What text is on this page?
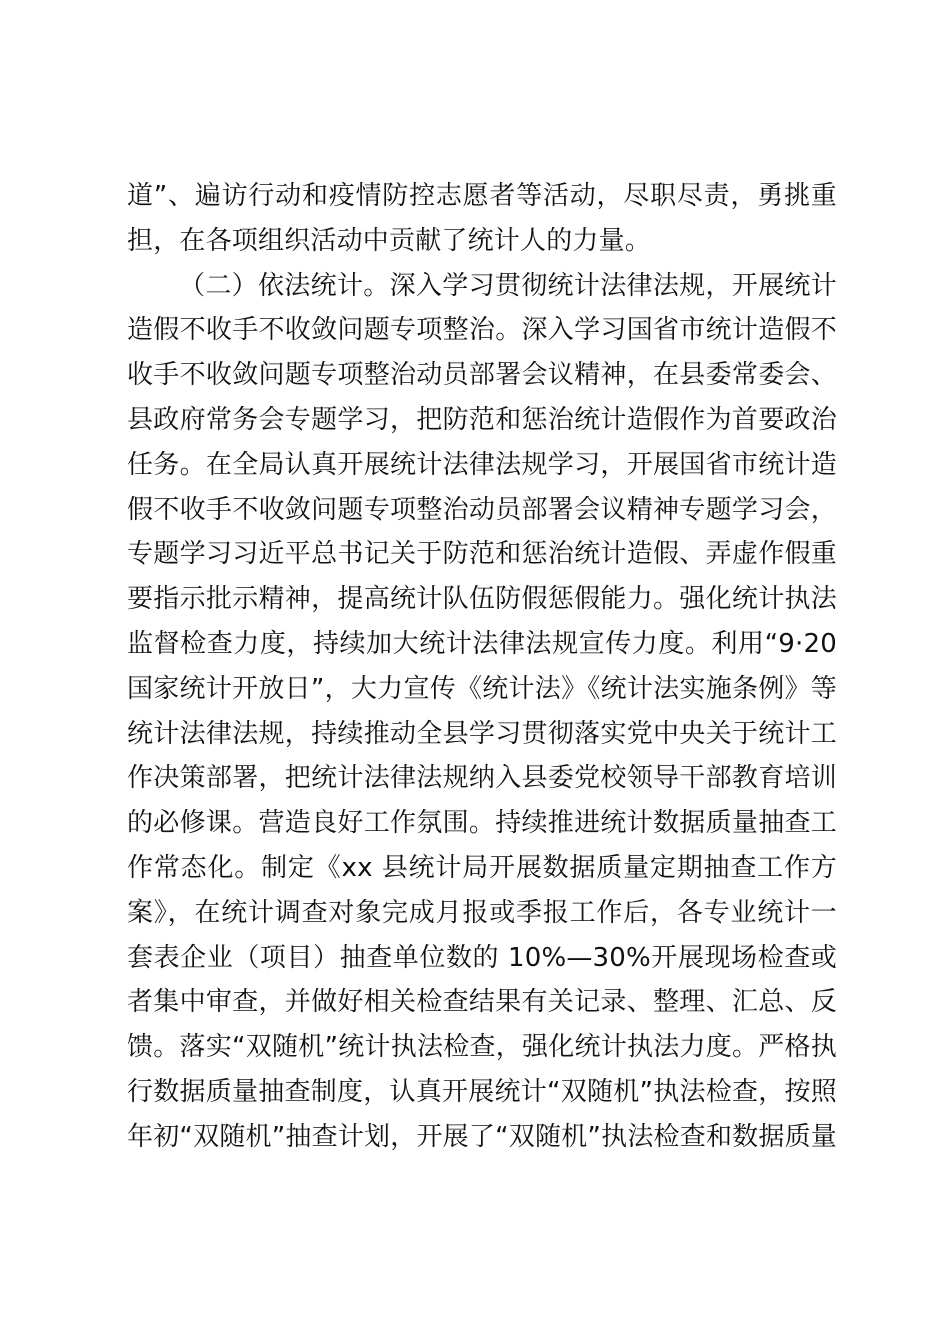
道”、遍访行动和疫情防控志愿者等活动，尽职尽责，勇挑重
担，在各项组织活动中贡献了统计人的力量。
（二）依法统计。深入学习贯彻统计法律法规，开展统计
造假不收手不收敛问题专项整治。深入学习国省市统计造假不
收手不收敛问题专项整治动员部署会议精神，在县委常委会、
县政府常务会专题学习，把防范和惩治统计造假作为首要政治
任务。在全局认真开展统计法律法规学习，开展国省市统计造
假不收手不收敛问题专项整治动员部署会议精神专题学习会，
专题学习习近平总书记关于防范和惩治统计造假、弄虚作假重
要指示批示精神，提高统计队伍防假惩假能力。强化统计执法
监督检查力度，持续加大统计法律法规宣传力度。利用“9·20
国家统计开放日”，大力宣传《统计法》《统计法实施条例》等
统计法律法规，持续推动全县学习贯彻落实党中央关于统计工
作决策部署，把统计法律法规纳入县委党校领导干部教育培训
的必修课。营造良好工作氛围。持续推进统计数据质量抽查工
作常态化。制定《xx 县统计局开展数据质量定期抽查工作方
案》，在统计调查对象完成月报或季报工作后，各专业统计一
套表企业（项目）抽查单位数的 10%—30%开展现场检查或
者集中审查，并做好相关检查结果有关记录、整理、汇总、反
馈。落实“双随机”统计执法检查，强化统计执法力度。严格执
行数据质量抽查制度，认真开展统计“双随机”执法检查，按照
年初“双随机”抽查计划，开展了“双随机”执法检查和数据质量
